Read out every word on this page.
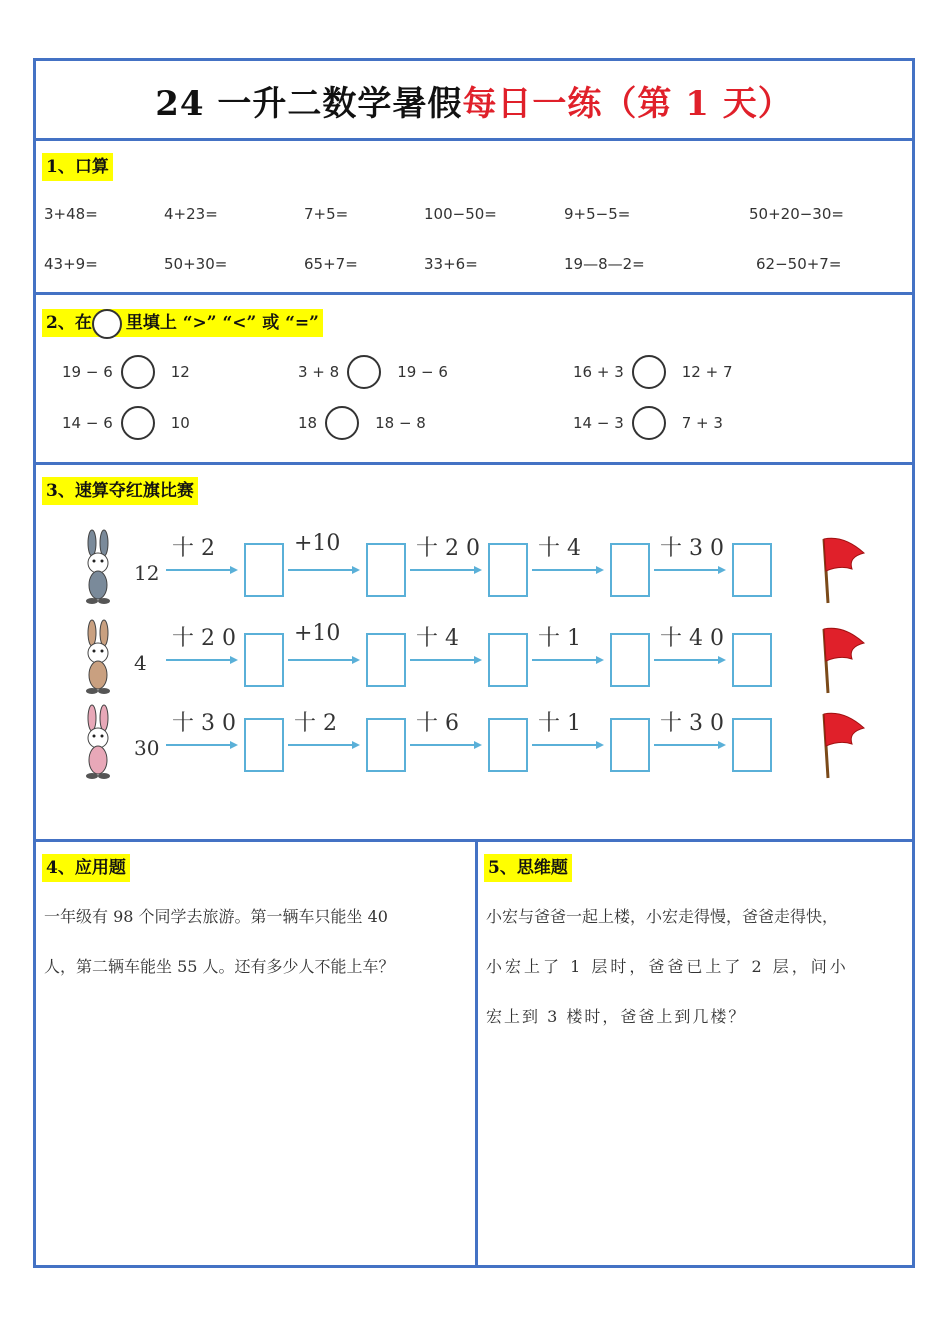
24 一升二数学暑假 每日一练（第 1 天）
1、口算
3+48=	4+23=	7+5=	100−50=	9+5−5=	50+20−30=
43+9=	50+30=	65+7=	33+6=	19—8—2=	62−50+7=
2、在 里填上 “>” “<” 或 “=”
19 − 6	12	3 + 8	19 − 6	16 + 3	12 + 7
14 − 6	10	18	18 − 8	14 − 3	7 + 3
3、速算夺红旗比赛
12
十 2	+10	十 2 0	十 4	十 3 0
4
十 2 0	+10	十 4	十 1	十 4 0
30
十 3 0	十 2	十 6	十 1	十 3 0
4、应用题
一年级有 98 个同学去旅游。第一辆车只能坐 40
人，第二辆车能坐 55 人。还有多少人不能上车？
5、思维题
小宏与爸爸一起上楼，小宏走得慢，爸爸走得快，
小宏上了 1 层时，爸爸已上了 2 层，问小
宏上到 3 楼时，爸爸上到几楼？
